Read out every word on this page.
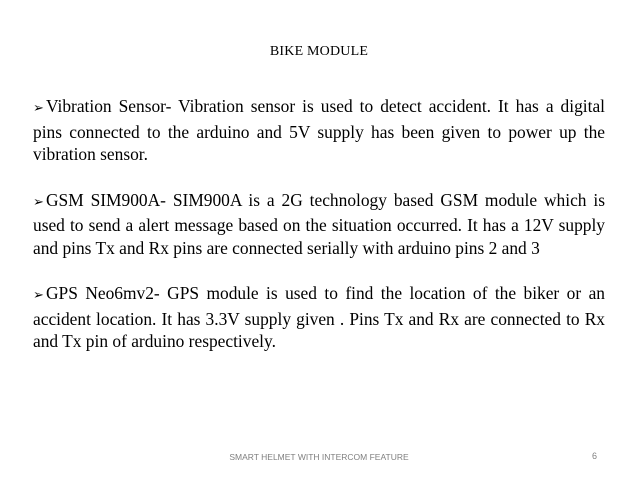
BIKE MODULE

➢ Vibration Sensor- Vibration sensor is used to detect accident. It has a digital pins connected to the arduino and 5V supply has been given to power up the vibration sensor.

➢ GSM SIM900A- SIM900A is a 2G technology based GSM module which is used to send a alert message based on the situation occurred. It has a 12V supply and pins Tx and Rx pins are connected serially with arduino pins 2 and 3

➢ GPS Neo6mv2- GPS module is used to find the location of the biker or an accident location. It has 3.3V supply given . Pins Tx and Rx are connected to Rx and Tx pin of arduino respectively.

SMART HELMET WITH INTERCOM FEATURE	6
